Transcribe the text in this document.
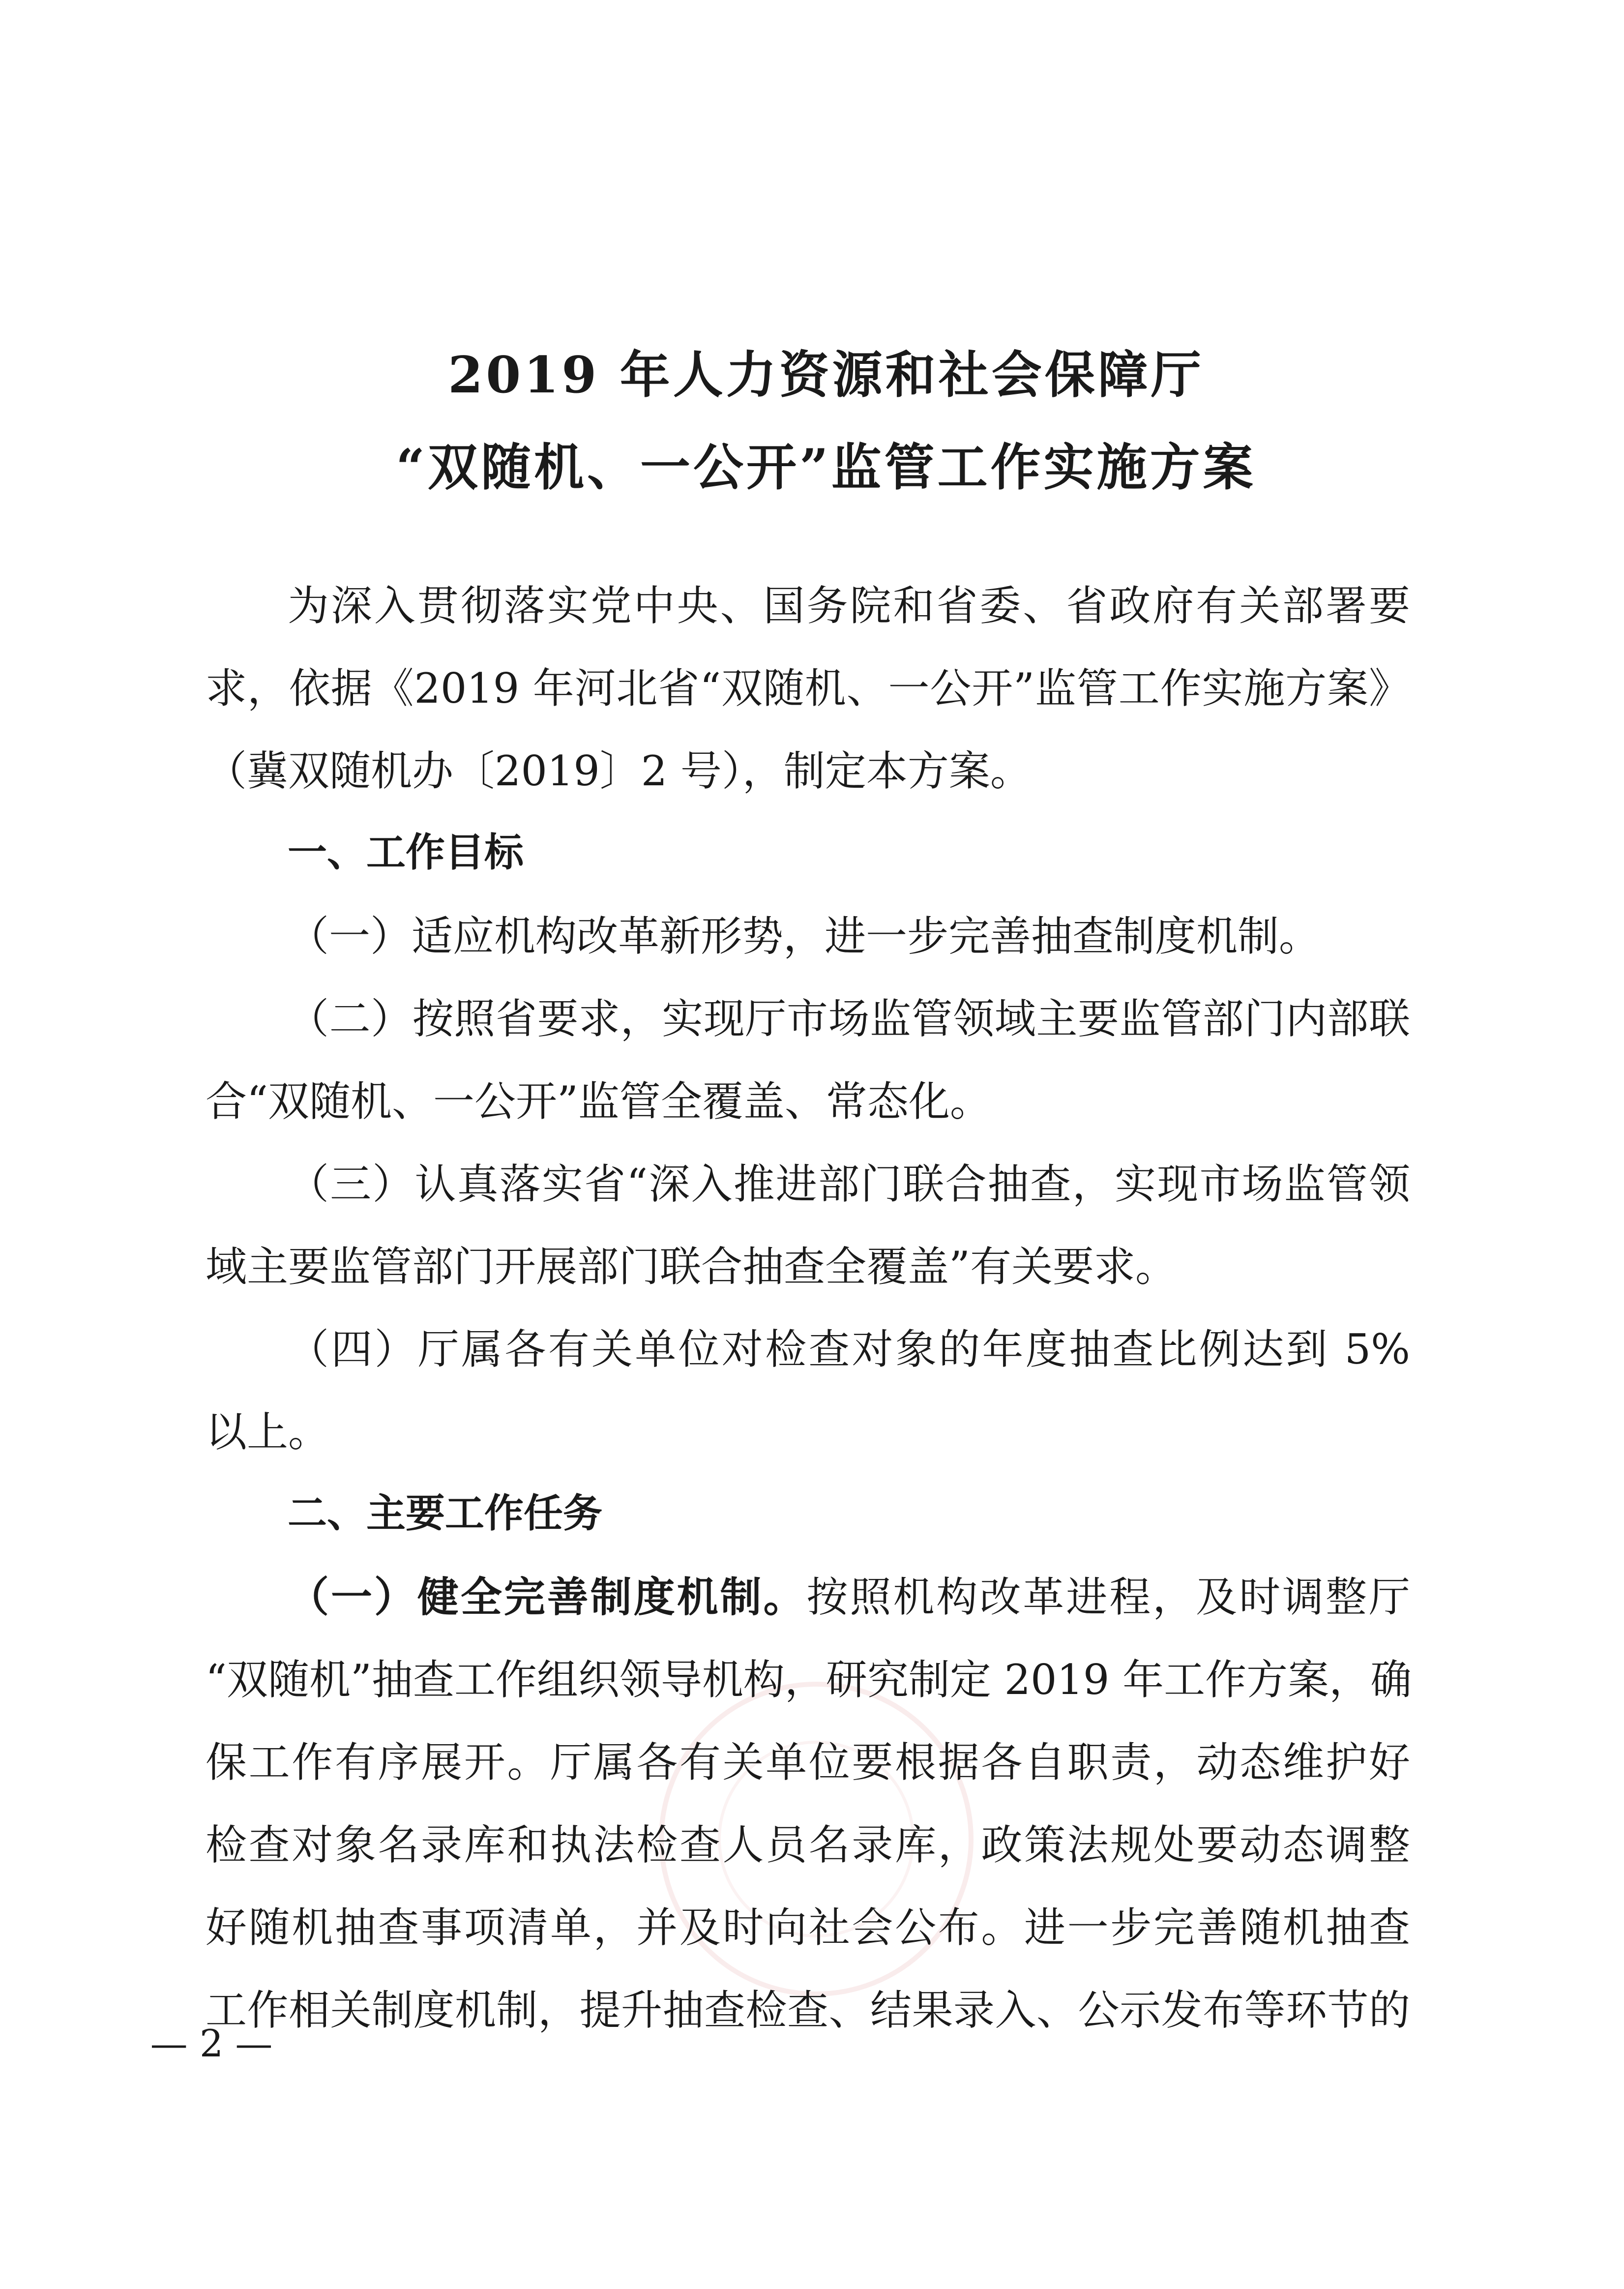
2019 年人力资源和社会保障厅
“双随机、一公开”监管工作实施方案

为深入贯彻落实党中央、国务院和省委、省政府有关部署要

求，依据《2019 年河北省“双随机、一公开”监管工作实施方案》

（冀双随机办〔2019〕2 号），制定本方案。

一、工作目标

（一）适应机构改革新形势，进一步完善抽查制度机制。

（二）按照省要求，实现厅市场监管领域主要监管部门内部联

合“双随机、一公开”监管全覆盖、常态化。

（三）认真落实省“深入推进部门联合抽查，实现市场监管领

域主要监管部门开展部门联合抽查全覆盖”有关要求。

（四）厅属各有关单位对检查对象的年度抽查比例达到 5%

以上。

二、主要工作任务

（一）健全完善制度机制。按照机构改革进程，及时调整厅

“双随机”抽查工作组织领导机构，研究制定 2019 年工作方案，确

保工作有序展开。厅属各有关单位要根据各自职责，动态维护好

检查对象名录库和执法检查人员名录库，政策法规处要动态调整

好随机抽查事项清单，并及时向社会公布。进一步完善随机抽查

工作相关制度机制，提升抽查检查、结果录入、公示发布等环节的

— 2 —
